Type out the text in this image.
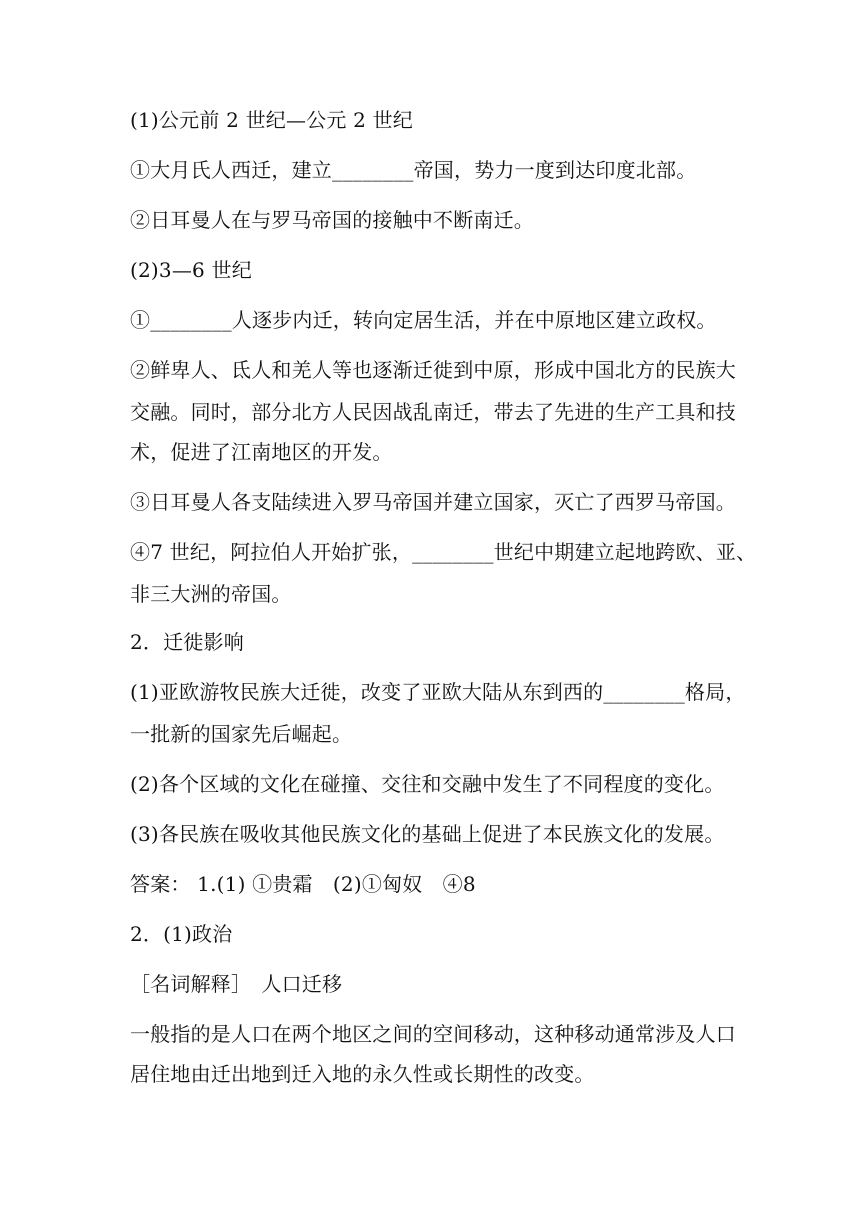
(1)公元前 2 世纪—公元 2 世纪
①大月氏人西迁，建立________帝国，势力一度到达印度北部。
②日耳曼人在与罗马帝国的接触中不断南迁。
(2)3—6 世纪
①________人逐步内迁，转向定居生活，并在中原地区建立政权。
②鲜卑人、氐人和羌人等也逐渐迁徙到中原，形成中国北方的民族大
交融。同时，部分北方人民因战乱南迁，带去了先进的生产工具和技
术，促进了江南地区的开发。
③日耳曼人各支陆续进入罗马帝国并建立国家，灭亡了西罗马帝国。
④7 世纪，阿拉伯人开始扩张，________世纪中期建立起地跨欧、亚、
非三大洲的帝国。
2．迁徙影响
(1)亚欧游牧民族大迁徙，改变了亚欧大陆从东到西的________格局，
一批新的国家先后崛起。
(2)各个区域的文化在碰撞、交往和交融中发生了不同程度的变化。
(3)各民族在吸收其他民族文化的基础上促进了本民族文化的发展。
答案： 1.(1) ①贵霜　(2)①匈奴　④8
2．(1)政治
［名词解释］　人口迁移
一般指的是人口在两个地区之间的空间移动，这种移动通常涉及人口
居住地由迁出地到迁入地的永久性或长期性的改变。
